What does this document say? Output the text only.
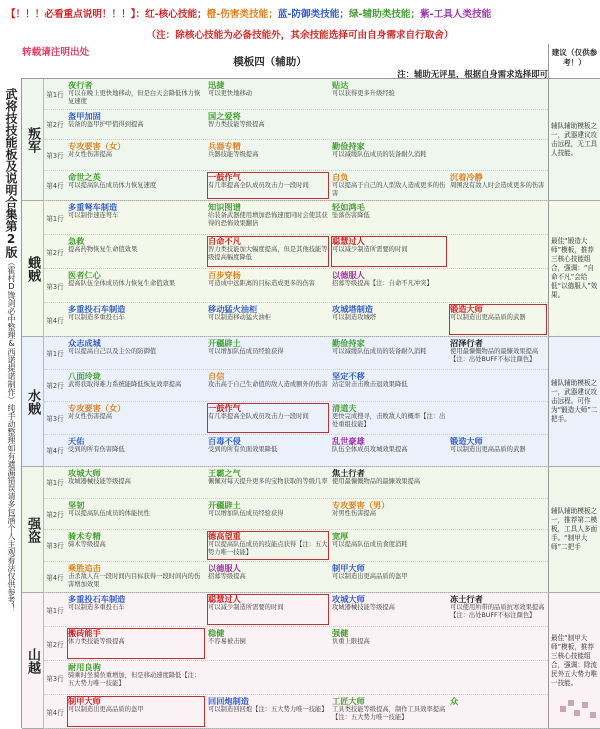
【！！！必看重点说明！！！】：红-核心技能；橙-伤害类技能；蓝-防御类技能；绿-辅助类技能；紫-工具人类技能
（注：除核心技能为必备技能外，其余技能选择可由自身需求自行取舍）
转载请注明出处
模板四（辅助）
注：辅助无评星，根据自身需求选择即可
建议（仅供参考！）
武将技技能板及说明合集第2版（霍村D馋剑必中整理&西诺提诺制作）纯手动整理如有遗漏错误请多包涵个人主观看法仅供参考！
叛军
第1行
夜行者
可以在晚上更快地移动，但是白天会降低体力恢复速度
迅捷
可以更快地移动
贴达
可以获得更多升级经验
第2行
盔甲加固
装备的盔甲护甲值得到提高
国之爱将
智力类技能等级提高
第3行
专攻要害（女）
对女性伤害提高
兵器专精
兵器技能等级提高
勤俭持家
可以减缓队伍成员的装备耐久消耗
第4行
命世之英
可以提高队伍成员体力恢复速度
一鼓作气
有几率提高全队成员攻击力一段时间
自负
可以提高于自己的人型敌人造成更多的伤害
沉着冷静
周围没有敌人时会造成更多的伤害
辅队辅助模板之一，武器建议攻击远程，无工具人技能。
蛾贼
第1行
多重弩车制造
可以制作速连弩车
知识图谱
给装备武器使用增加恐怖速度同时会使其获得的恐怖效果翻倍
轻如鸿毛
坠落伤害降低
第2行
急救
提高药物恢复生命值效果
自命不凡
智力类技能加大幅度提高，但是其他技能等级提高幅度降低
聪慧过人
可以减少制造所需要的时间
第3行
医者仁心
提高队伍全体成员体力恢复生命值效果
百步穿杨
可造成中远距离的目标造成更多的伤害
以德服人
招募等级提高【注：自命不凡冲突】
第4行
多重投石车制造
可以制造多重投石车
移动猛火油柜
可以制造移动猛火油柜
攻城塔制造
可以制造攻城塔
锻造大师
可以制造出更高品质的武器
最佳“锻造大师”模板，推荐三核心技能组合，强调：“自命不凡”会给低“以德服人”效果。
水贼
第1行
众志成城
可以提高自己以及主公的防御值
开疆辟土
可以增加队伍成员经验获得
勤俭持家
可以减缓队伍成员的装备耐久消耗
沼泽行者
使用最慷慨物品的最慷效果提高【注：出处BUFF不标注颜色】
第2行
八面玲珑
武将获取得难力系统能降低恢复效率提高
自信
攻击高于自己生命值的敌人造成额外的伤害
坚定不移
站定射击击败击退效果降低
第3行
专攻要害（女）
对女性伤害提高
一鼓作气
有几率提高全队成员攻击力一段时间
清道夫
更快完成搜寻，击败敌人的概率【注：出处重组技能】
第4行
天佑
受到的所有伤害降低
百毒不侵
受到的所有负面效果降低
乱世豪雄
队伍全体成员攻城效果提高
锻造大师
可以制造出更高品质的武器
辅队辅助模板之一，武器建议攻击远程。可作为“锻造大师”二把手。
强盗
第1行
攻城大师
攻城器械技能等级提高
王霸之气
佩佩对每天提升更多的宝物获取的等级几率
焦土行者
使用最慷慨物品的最慷效果提高
第2行
坚韧
可以提高队伍成员的体能抗性
开疆辟土
可以增加队伍成员经验获得
专攻要害（男）
对男性伤害提高
第3行
骑术专精
骑术等级提高
德高望重
可以提高队伍成员的技能点获得【注：五大势力唯一技能】
宽厚
可以提高队伍成员食度消耗
第4行
乘胜追击
击杀敌人在一段时间内目标获得一段时间内的伤害增加效果
以德服人
招募等级提高
制甲大师
可以制造出更高品质的盔甲
辅队辅助模板之一，推荐第二模板，工具人多面手。“制甲大师”二把手
山越
第1行
多重投石车制造
可以制造多重投石车
聪慧过人
可以减少制造所需要的时间
攻城大师
攻城器械技能等级提高
冻土行者
可以使用所带的品质抗寒效果提高【注：出处BUFF不标注颜色】
第2行
搬砖能手
体力类技能等级提高
稳健
不容易被击倒
强健
负重上限提高
第3行
耐用良驹
骑乘时坐骑负重增加，但是移动速度降低【注：五大势力唯一技能】
第4行
制甲大师
可以制造出更高品质的盔甲
回回炮制造
可以制造回回炮【注：五大势力唯一技能】
工匠大师
工具类技能等级提高，制作工具效率提高【注：五大势力唯一技能】
众
最佳“制甲大师”模板，推荐三核心技能组合，强调：除流民外五大势力唯一技能。
